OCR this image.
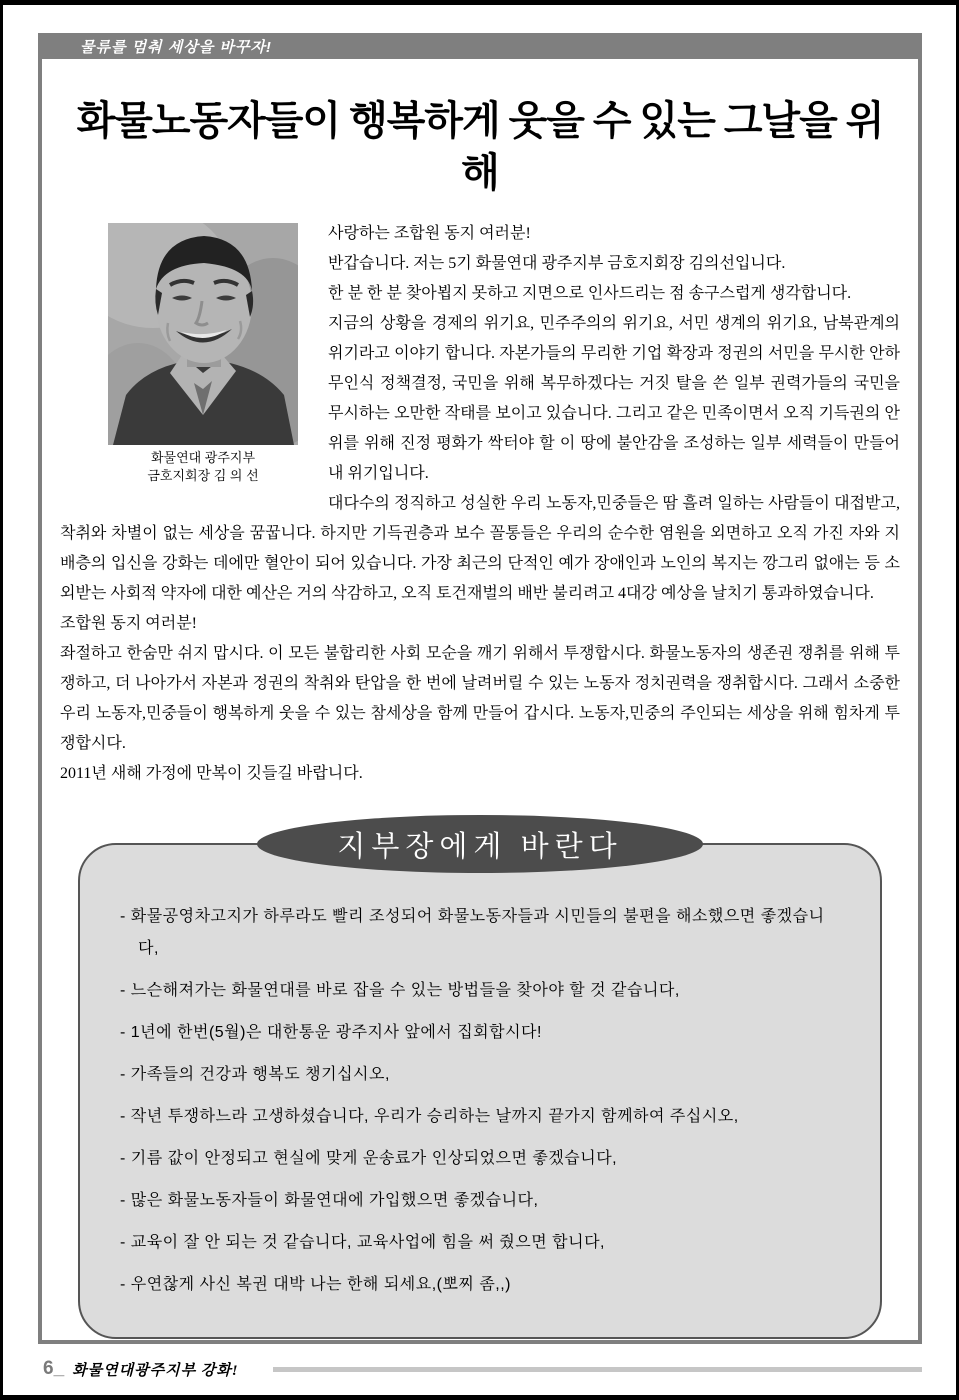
물류를 멈춰 세상을 바꾸자!
화물노동자들이 행복하게 웃을 수 있는 그날을 위해
화물연대 광주지부
금호지회장 김 의 선

사랑하는 조합원 동지 여러분!

반갑습니다. 저는 5기 화물연대 광주지부 금호지회장 김의선입니다.

한 분 한 분 찾아뵙지 못하고 지면으로 인사드리는 점 송구스럽게 생각합니다.

지금의 상황을 경제의 위기요, 민주주의의 위기요, 서민 생계의 위기요, 남북관계의 위기라고 이야기 합니다. 자본가들의 무리한 기업 확장과 정권의 서민을 무시한 안하무인식 정책결정, 국민을 위해 복무하겠다는 거짓 탈을 쓴 일부 권력가들의 국민을 무시하는 오만한 작태를 보이고 있습니다. 그리고 같은 민족이면서 오직 기득권의 안위를 위해 진정 평화가 싹터야 할 이 땅에 불안감을 조성하는 일부 세력들이 만들어내 위기입니다.

대다수의 정직하고 성실한 우리 노동자,민중들은 땀 흘려 일하는 사람들이 대접받고, 착취와 차별이 없는 세상을 꿈꿉니다. 하지만 기득권층과 보수 꼴통들은 우리의 순수한 염원을 외면하고 오직 가진 자와 지배층의 입신을 강화는 데에만 혈안이 되어 있습니다. 가장 최근의 단적인 예가 장애인과 노인의 복지는 깡그리 없애는 등 소외받는 사회적 약자에 대한 예산은 거의 삭감하고, 오직 토건재벌의 배반 불리려고 4대강 예상을 날치기 통과하였습니다.

조합원 동지 여러분!

좌절하고 한숨만 쉬지 맙시다. 이 모든 불합리한 사회 모순을 깨기 위해서 투쟁합시다. 화물노동자의 생존권 쟁취를 위해 투쟁하고, 더 나아가서 자본과 정권의 착취와 탄압을 한 번에 날려버릴 수 있는 노동자 정치권력을 쟁취합시다. 그래서 소중한 우리 노동자,민중들이 행복하게 웃을 수 있는 참세상을 함께 만들어 갑시다. 노동자,민중의 주인되는 세상을 위해 힘차게 투쟁합시다.

2011년 새해 가정에 만복이 깃들길 바랍니다.

지부장에게 바란다

- 화물공영차고지가 하루라도 빨리 조성되어 화물노동자들과 시민들의 불편을 해소했으면 좋겠습니다,

- 느슨해져가는 화물연대를 바로 잡을 수 있는 방법들을 찾아야 할 것 같습니다,

- 1년에 한번(5월)은 대한통운 광주지사 앞에서 집회합시다!

- 가족들의 건강과 행복도 챙기십시오,

- 작년 투쟁하느라 고생하셨습니다, 우리가 승리하는 날까지 끝가지 함께하여 주십시오,

- 기름 값이 안정되고 현실에 맞게 운송료가 인상되었으면 좋겠습니다,

- 많은 화물노동자들이 화물연대에 가입했으면 좋겠습니다,

- 교육이 잘 안 되는 것 같습니다, 교육사업에 힘을 써 줬으면 합니다,

- 우연찮게 사신 복권 대박 나는 한해 되세요,(뽀찌 좀,,)

6_ 화물연대광주지부 강화!
